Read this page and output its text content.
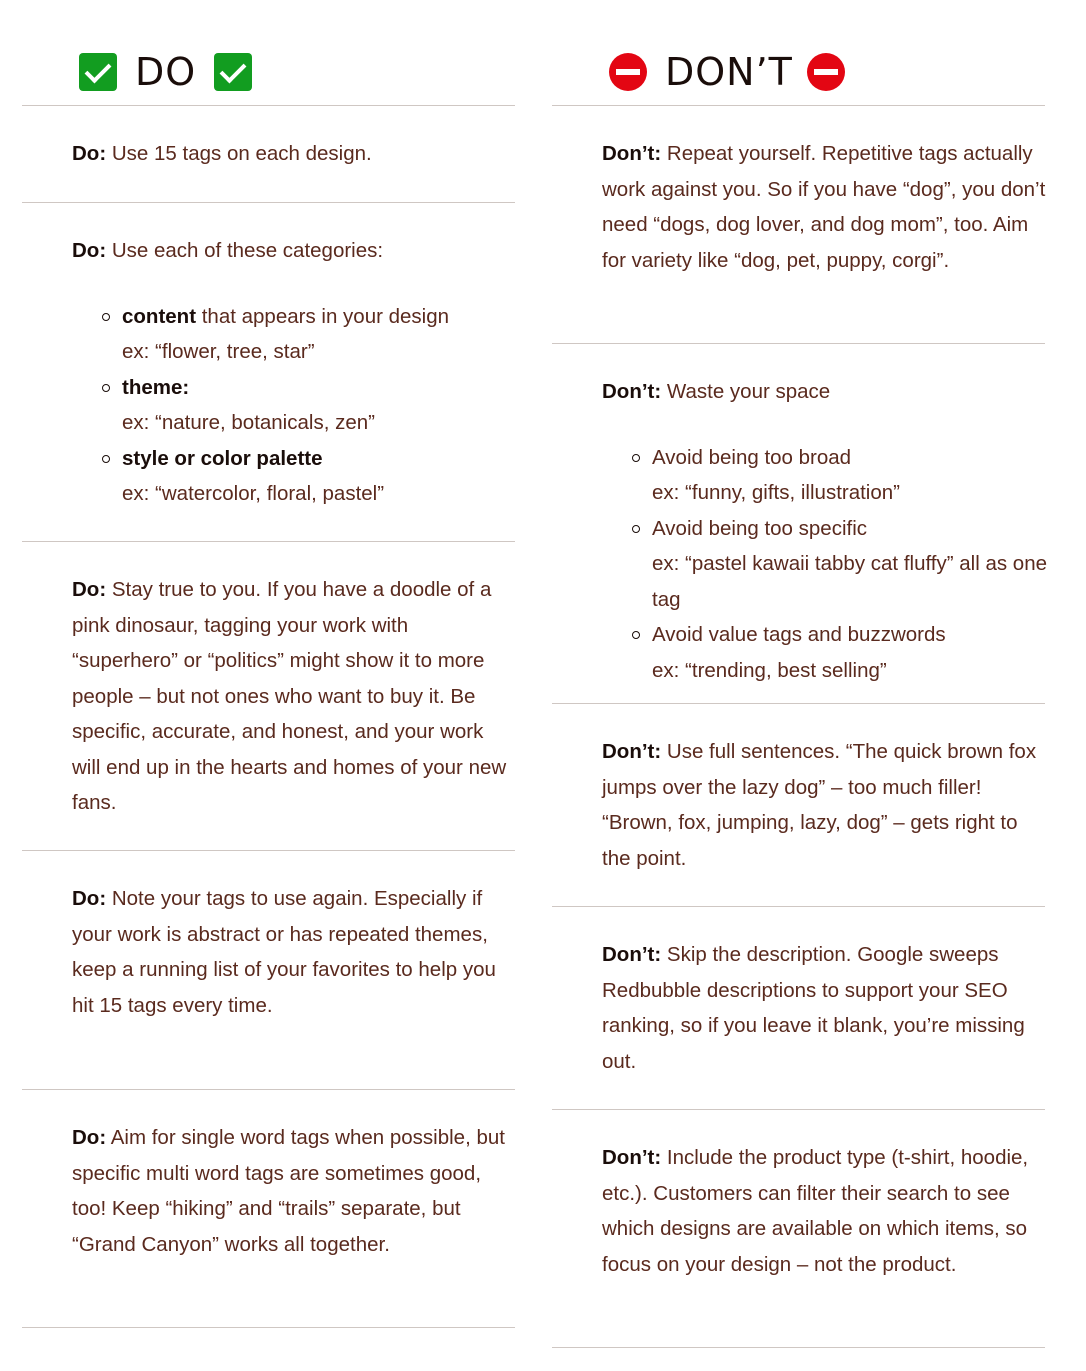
DO
Do: Use 15 tags on each design.
Do: Use each of these categories:
content that appears in your design
ex: “flower, tree, star”
theme:
ex: “nature, botanicals, zen”
style or color palette
ex: “watercolor, floral, pastel”
Do: Stay true to you. If you have a doodle of a pink dinosaur, tagging your work with “superhero” or “politics” might show it to more people – but not ones who want to buy it. Be specific, accurate, and honest, and your work will end up in the hearts and homes of your new fans.
Do: Note your tags to use again. Especially if your work is abstract or has repeated themes, keep a running list of your favorites to help you hit 15 tags every time.
Do: Aim for single word tags when possible, but specific multi word tags are sometimes good, too! Keep “hiking” and “trails” separate, but “Grand Canyon” works all together.
DON’T
Don’t: Repeat yourself. Repetitive tags actually work against you. So if you have “dog”, you don’t need “dogs, dog lover, and dog mom”, too. Aim for variety like “dog, pet, puppy, corgi”.
Don’t: Waste your space
Avoid being too broad
ex: “funny, gifts, illustration”
Avoid being too specific
ex: “pastel kawaii tabby cat fluffy” all as one tag
Avoid value tags and buzzwords
ex: “trending, best selling”
Don’t: Use full sentences. “The quick brown fox jumps over the lazy dog” – too much filler! “Brown, fox, jumping, lazy, dog” – gets right to the point.
Don’t: Skip the description. Google sweeps Redbubble descriptions to support your SEO ranking, so if you leave it blank, you’re missing out.
Don’t: Include the product type (t-shirt, hoodie, etc.). Customers can filter their search to see which designs are available on which items, so focus on your design – not the product.
